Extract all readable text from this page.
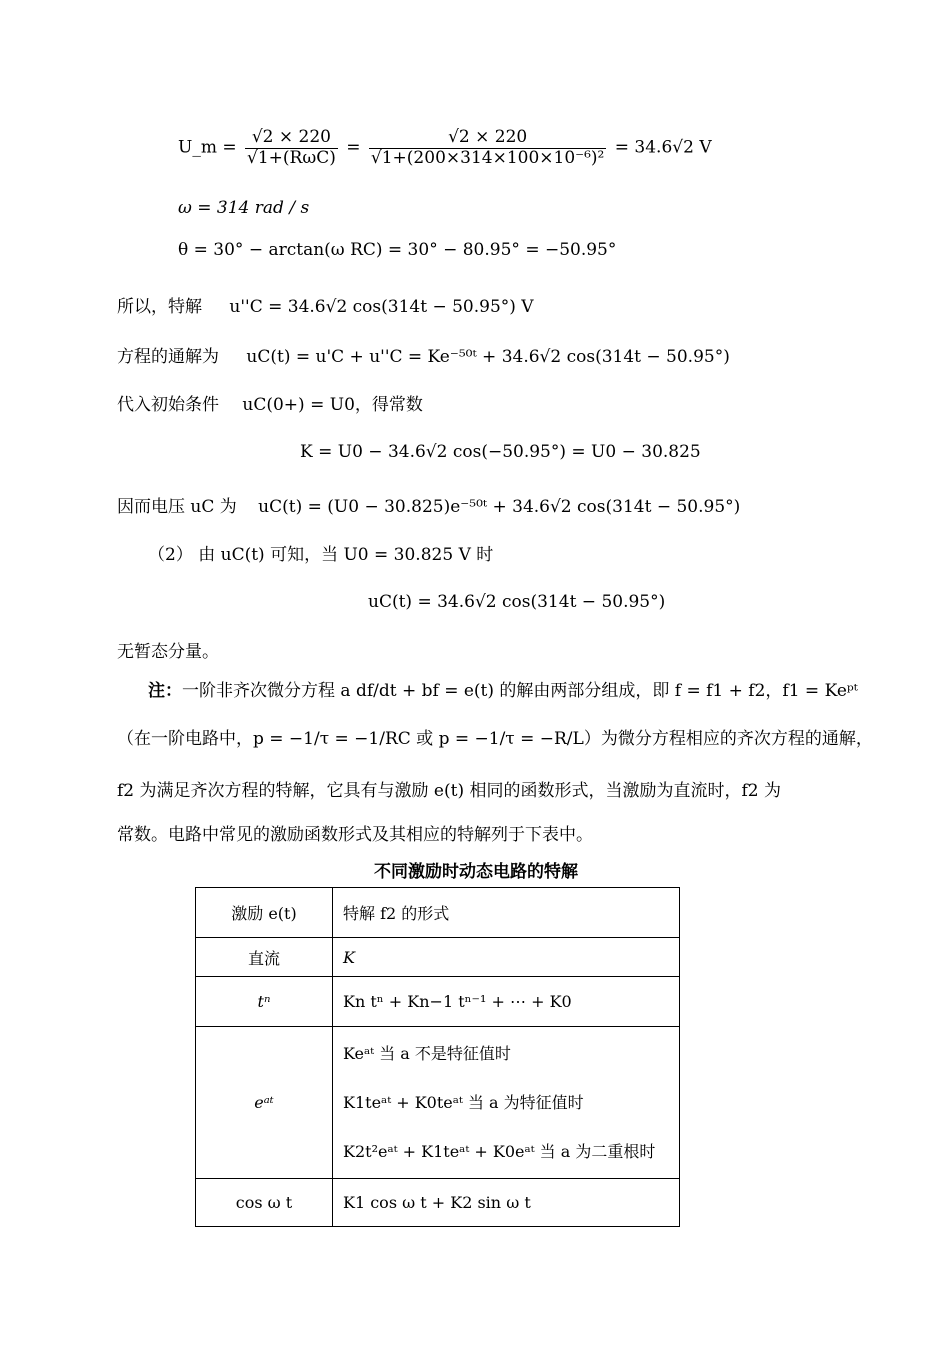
U_m = $\frac{√2 \times 220}{\text{√1+(RωC)}} = \frac{√2 \times 220}{\text{√1+(200×314×100×10⁻⁶)²}} = 34.6√2$ V
ω = 314 rad / s
θ = 30° − arctan(ω RC) = 30° − 80.95° = −50.95°
所以，特解 u''C = 34.6√2 cos(314t − 50.95°) V
方程的通解为 uC(t) = u'C + u''C = Ke⁻⁵⁰ᵗ + 34.6√2 cos(314t − 50.95°)
代入初始条件 uC(0+) = U0，得常数
K = U0 − 34.6√2 cos(−50.95°) = U0 − 30.825
因而电压 uC 为 uC(t) = (U0 − 30.825)e⁻⁵⁰ᵗ + 34.6√2 cos(314t − 50.95°)
（2） 由 uC(t) 可知，当 U0 = 30.825 V 时
uC(t) = 34.6√2 cos(314t − 50.95°)
无暂态分量。
注：一阶非齐次微分方程 a df/dt + bf = e(t) 的解由两部分组成，即 f = f1 + f2，f1 = Keᵖᵗ
（在一阶电路中，p = −1/τ = −1/RC 或 p = −1/τ = −R/L）为微分方程相应的齐次方程的通解，
f2 为满足齐次方程的特解，它具有与激励 e(t) 相同的函数形式，当激励为直流时，f2 为
常数。电路中常见的激励函数形式及其相应的特解列于下表中。
不同激励时动态电路的特解
激励 e(t)	特解 f2 的形式
直流	K
tⁿ	Kn tⁿ + Kn−1 tⁿ⁻¹ + ⋯ + K0
eᵃᵗ	Keᵃᵗ 当 a 不是特征值时
K1teᵃᵗ + K0teᵃᵗ 当 a 为特征值时
K2t²eᵃᵗ + K1teᵃᵗ + K0eᵃᵗ 当 a 为二重根时

cos ω t	K1 cos ω t + K2 sin ω t
